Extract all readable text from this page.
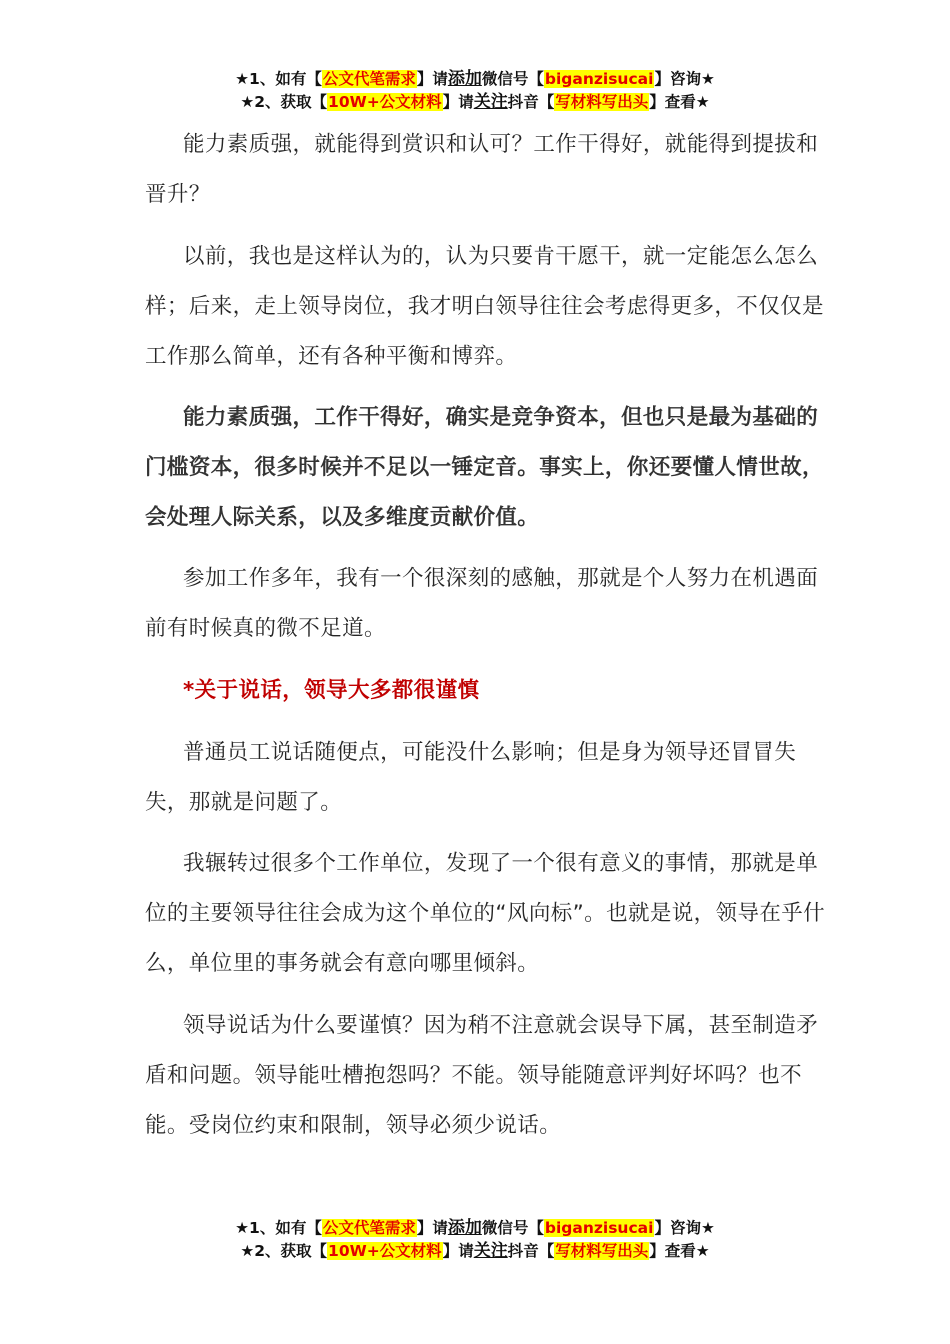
★1、如有【公文代笔需求】请添加微信号【biganzisucai】咨询★
★2、获取【10W+公文材料】请关注抖音【写材料写出头】查看★
能力素质强，就能得到赏识和认可？工作干得好，就能得到提拔和晋升？
以前，我也是这样认为的，认为只要肯干愿干，就一定能怎么怎么样；后来，走上领导岗位，我才明白领导往往会考虑得更多，不仅仅是工作那么简单，还有各种平衡和博弈。
能力素质强，工作干得好，确实是竞争资本，但也只是最为基础的门槛资本，很多时候并不足以一锤定音。事实上，你还要懂人情世故，会处理人际关系，以及多维度贡献价值。
参加工作多年，我有一个很深刻的感触，那就是个人努力在机遇面前有时候真的微不足道。
*关于说话，领导大多都很谨慎
普通员工说话随便点，可能没什么影响；但是身为领导还冒冒失失，那就是问题了。
我辗转过很多个工作单位，发现了一个很有意义的事情，那就是单位的主要领导往往会成为这个单位的“风向标”。也就是说，领导在乎什么，单位里的事务就会有意向哪里倾斜。
领导说话为什么要谨慎？因为稍不注意就会误导下属，甚至制造矛盾和问题。领导能吐槽抱怨吗？不能。领导能随意评判好坏吗？也不能。受岗位约束和限制，领导必须少说话。
★1、如有【公文代笔需求】请添加微信号【biganzisucai】咨询★
★2、获取【10W+公文材料】请关注抖音【写材料写出头】查看★
